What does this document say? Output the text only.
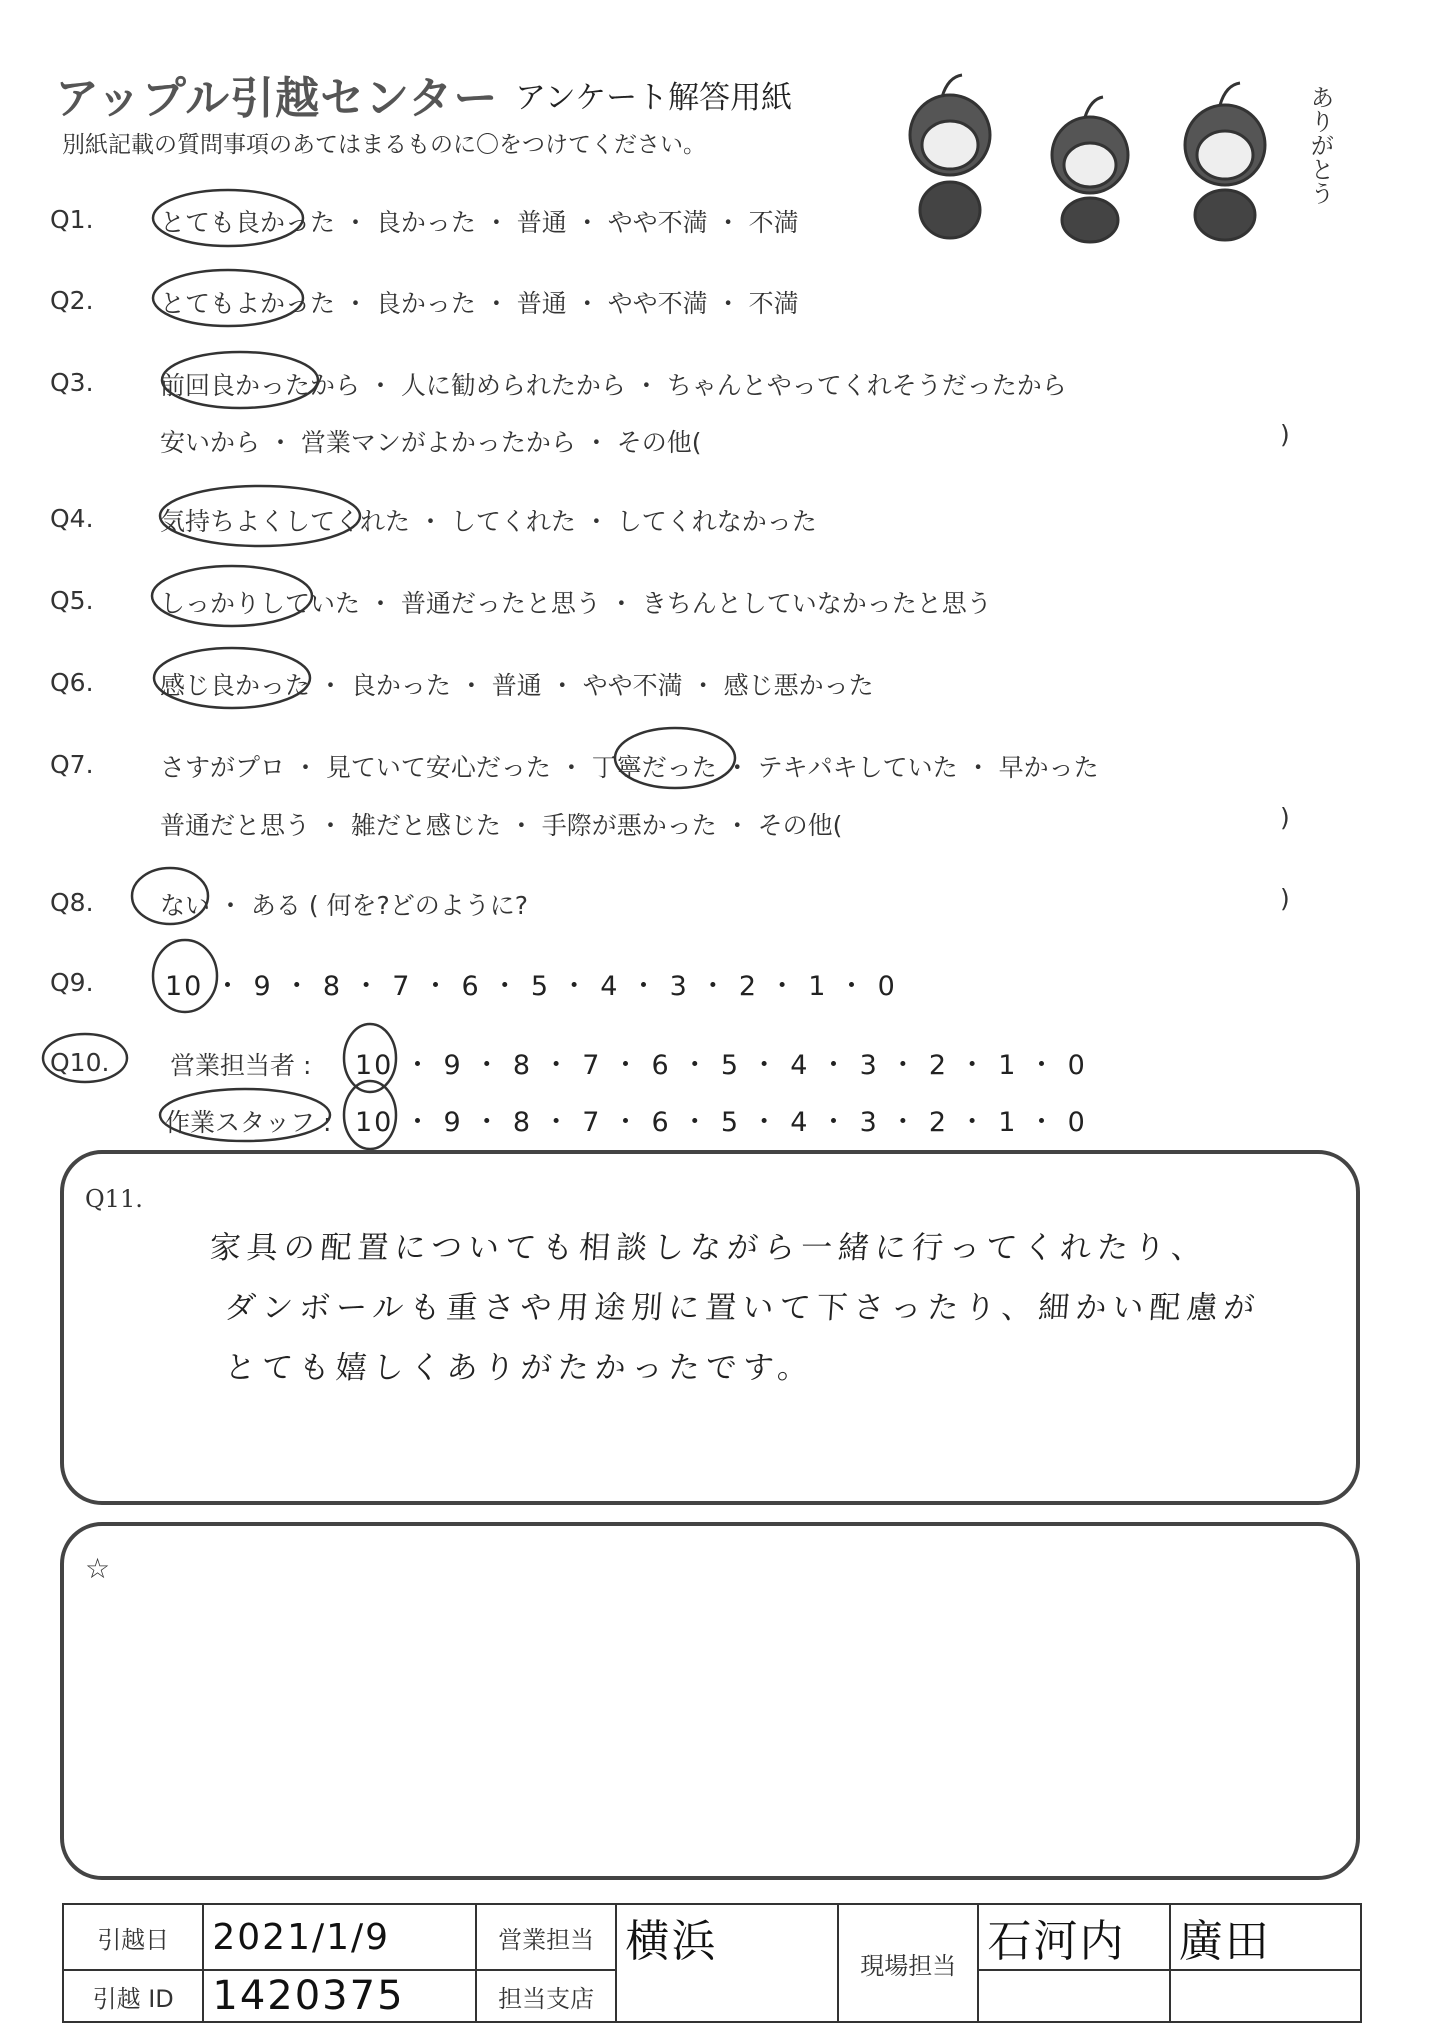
アップル引越センター アンケート解答用紙
別紙記載の質問事項のあてはまるものに〇をつけてください。	ありがとう
Q1.	とても良かった ・ 良かった ・ 普通 ・ やや不満 ・ 不満
Q2.	とてもよかった ・ 良かった ・ 普通 ・ やや不満 ・ 不満
Q3.	前回良かったから ・ 人に勧められたから ・ ちゃんとやってくれそうだったから
安いから ・ 営業マンがよかったから ・ その他(	)
Q4.	気持ちよくしてくれた ・ してくれた ・ してくれなかった
Q5.	しっかりしていた ・ 普通だったと思う ・ きちんとしていなかったと思う
Q6.	感じ良かった ・ 良かった ・ 普通 ・ やや不満 ・ 感じ悪かった
Q7.	さすがプロ ・ 見ていて安心だった ・ 丁寧だった ・ テキパキしていた ・ 早かった
普通だと思う ・ 雑だと感じた ・ 手際が悪かった ・ その他(	)
Q8.	ない ・ ある ( 何を?どのように?	)
Q9.	10 ・ 9 ・ 8 ・ 7 ・ 6 ・ 5 ・ 4 ・ 3 ・ 2 ・ 1 ・ 0
Q10. 営業担当者 : 10 ・ 9 ・ 8 ・ 7 ・ 6 ・ 5 ・ 4 ・ 3 ・ 2 ・ 1 ・ 0
作業スタッフ : 10 ・ 9 ・ 8 ・ 7 ・ 6 ・ 5 ・ 4 ・ 3 ・ 2 ・ 1 ・ 0
Q11.
家具の配置についても相談しながら一緒に行ってくれたり、
ダンボールも重さや用途別に置いて下さったり、細かい配慮が
とても嬉しくありがたかったです。
☆
引越日	2021/1/9	営業担当	横浜	現場担当	石河内	廣田
引越 ID	1420375	担当支店				
